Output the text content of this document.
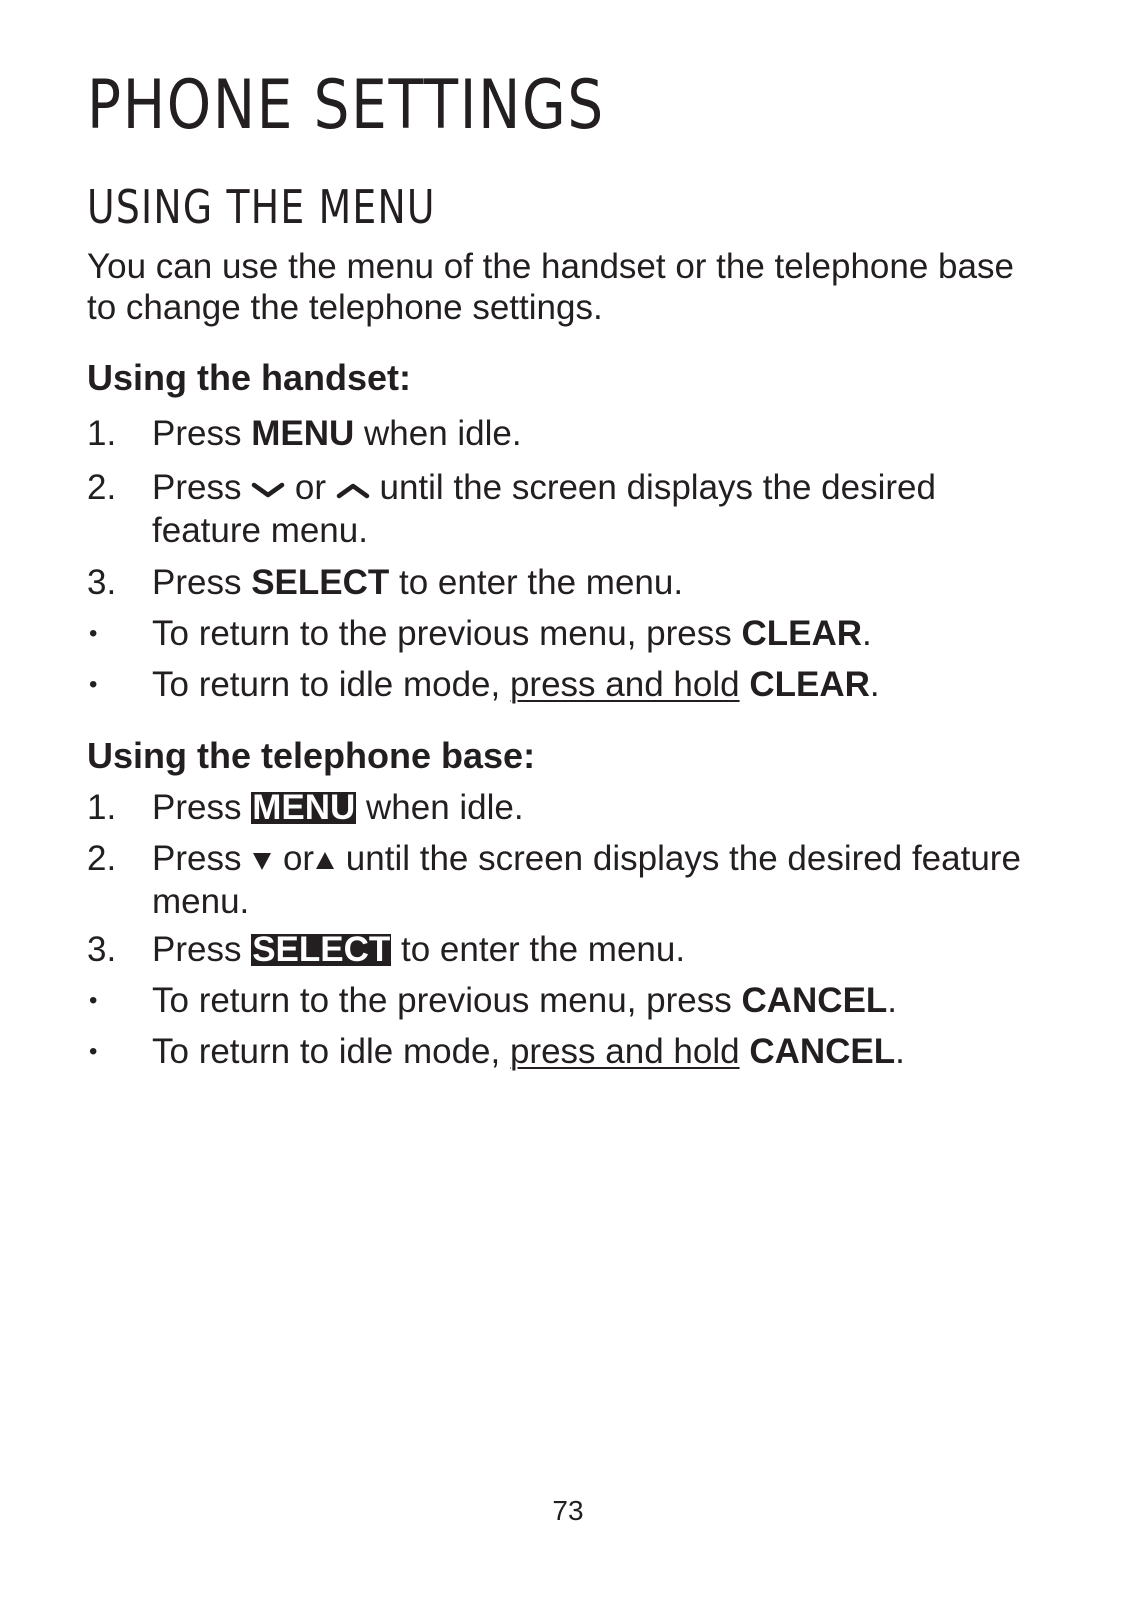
PHONE SETTINGS
USING THE MENU

You can use the menu of the handset or the telephone base to change the telephone settings.

Using the handset:
1. Press MENU when idle.
2. Press  or  until the screen displays the desired feature menu.
3. Press SELECT to enter the menu.
• To return to the previous menu, press CLEAR.
• To return to idle mode, press and hold CLEAR.
Using the telephone base:
1. Press MENU when idle.
2. Press  or until the screen displays the desired feature menu.
3. Press SELECT to enter the menu.
• To return to the previous menu, press CANCEL.
• To return to idle mode, press and hold CANCEL.
73
